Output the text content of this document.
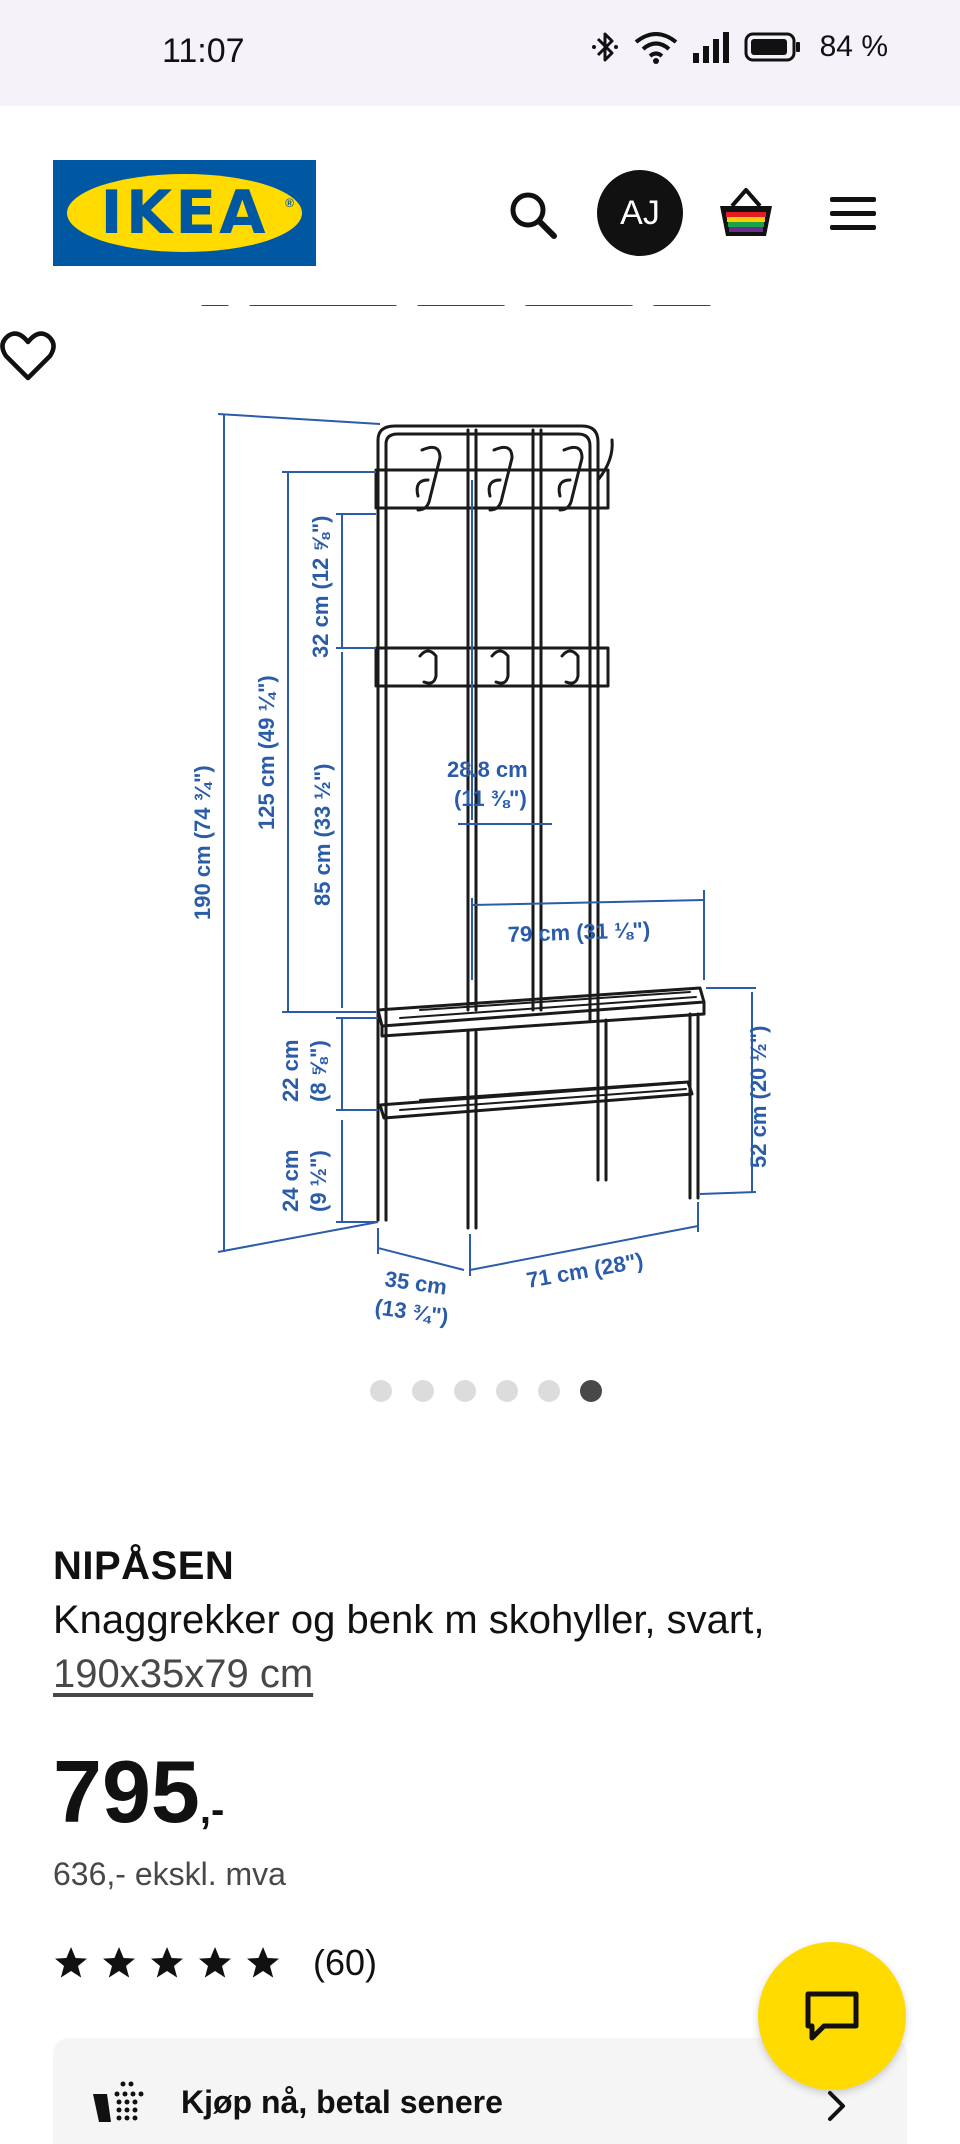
11:07	84 %
IKEA	®	AJ
190 cm (74 ¾")
125 cm (49 ¼")
32 cm (12 ⅝")
85 cm (33 ½")
22 cm (8 ⅝")
24 cm (9 ½")
28.8 cm
(11 ⅜")
79 cm (31 ⅛")
52 cm (20 ½")
35 cm
(13 ¾")
71 cm (28")
NIPÅSEN
Knaggrekker og benk m skohyller, svart,
190x35x79 cm
795 ,-
636,- ekskl. mva
(60)
Kjøp nå, betal senere
